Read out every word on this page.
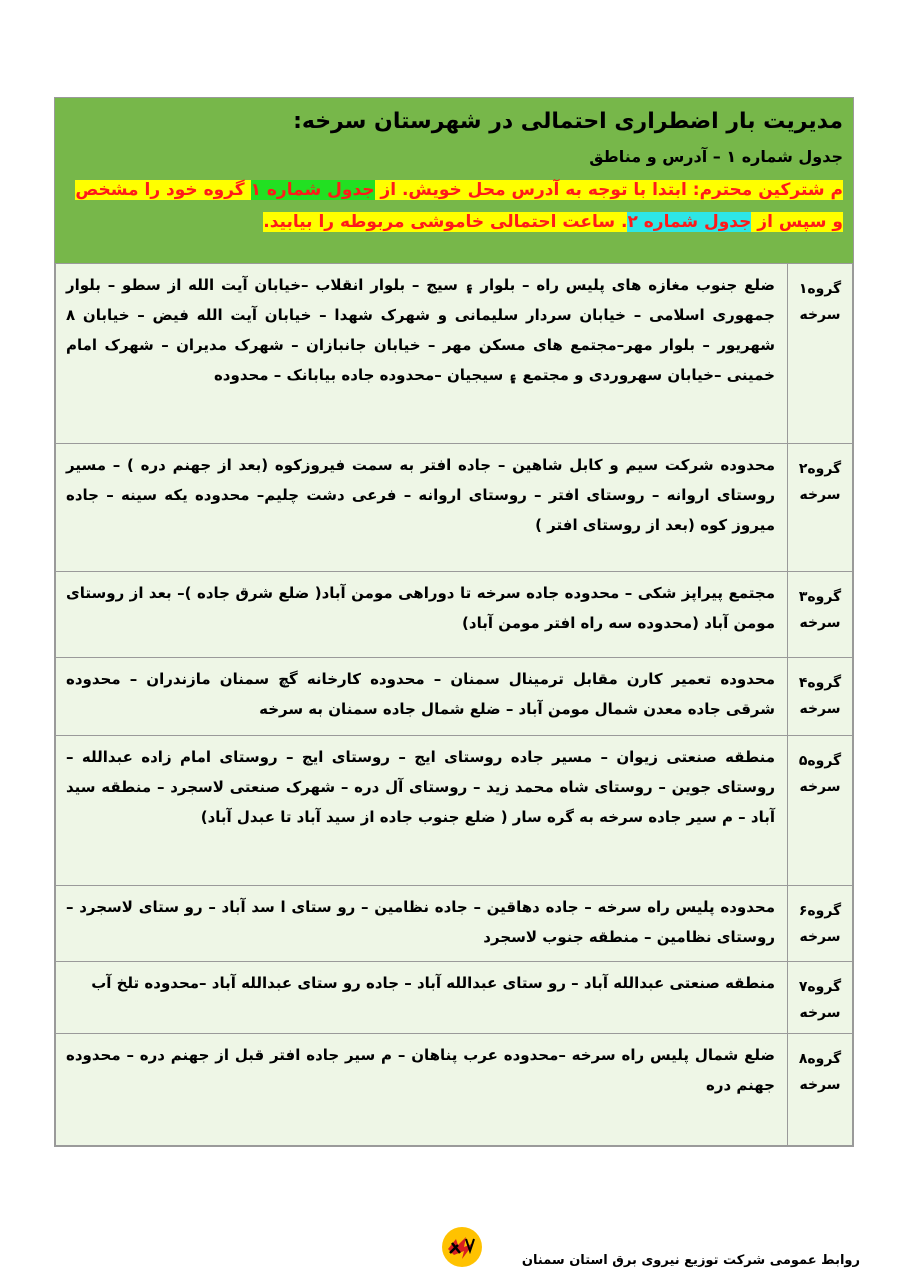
مدیریت بار اضطراری احتمالی در شهرستان سرخه:
جدول شماره ۱ – آدرس و مناطق
م شترکین محترم: ابتدا با توجه به آدرس محل خویش. از جدول شماره ۱ گروه خود را مشخص و سپس از جدول شماره ۲. ساعت احتمالی خاموشی مربوطه را بیابید.
گروه۱
سرخه	ضلع جنوب مغازه های پلیس راه – بلوار ۽ سیج – بلوار انقلاب –خیابان آیت الله از سطو – بلوار جمهوری اسلامی – خیابان سردار سلیمانی و شهرک شهدا – خیابان آیت الله فیض – خیابان ۸ شهریور – بلوار مهر–مجتمع های مسکن مهر – خیابان جانبازان – شهرک مدیران – شهرک امام خمینی –خیابان سهروردی و مجتمع ۽ سیجیان –محدوده جاده بیابانک – محدوده

گروه۲
سرخه	محدوده شرکت سیم و کابل شاهین – جاده افتر به سمت فیروزکوه (بعد از جهنم دره ) – مسیر روستای اروانه – روستای افتر – روستای اروانه – فرعی دشت چلیم– محدوده یکه سینه – جاده میروز کوه (بعد از روستای افتر )

گروه۳
سرخه	مجتمع پیراپز شکی – محدوده جاده سرخه تا دوراهی مومن آباد( ضلع شرق جاده )– بعد از روستای مومن آباد (محدوده سه راه افتر مومن آباد)

گروه۴
سرخه	محدوده تعمیر کارن مقابل ترمینال سمنان – محدوده کارخانه گچ سمنان مازندران – محدوده شرقی جاده معدن شمال مومن آباد – ضلع شمال جاده سمنان به سرخه

گروه۵
سرخه	منطقه صنعتی زیوان – مسیر جاده روستای ایج – روستای ایج – روستای امام زاده عبدالله – روستای جوین – روستای شاه محمد زید – روستای آل دره – شهرک صنعتی لاسجرد – منطقه سید آباد – م سیر جاده سرخه به گره سار ( ضلع جنوب جاده از سید آباد تا عبدل آباد)

گروه۶
سرخه	محدوده پلیس راه سرخه – جاده دهاقین – جاده نظامین – رو ستای ا سد آباد – رو ستای لاسجرد – روستای نظامین – منطقه جنوب لاسجرد

گروه۷
سرخه	منطقه صنعتی عبدالله آباد – رو ستای عبدالله آباد – جاده رو ستای عبدالله آباد –محدوده تلخ آب

گروه۸
سرخه	ضلع شمال پلیس راه سرخه –محدوده عرب پناهان – م سیر جاده افتر قبل از جهنم دره – محدوده جهنم دره
روابط عمومی شرکت توزیع نیروی برق استان سمنان
